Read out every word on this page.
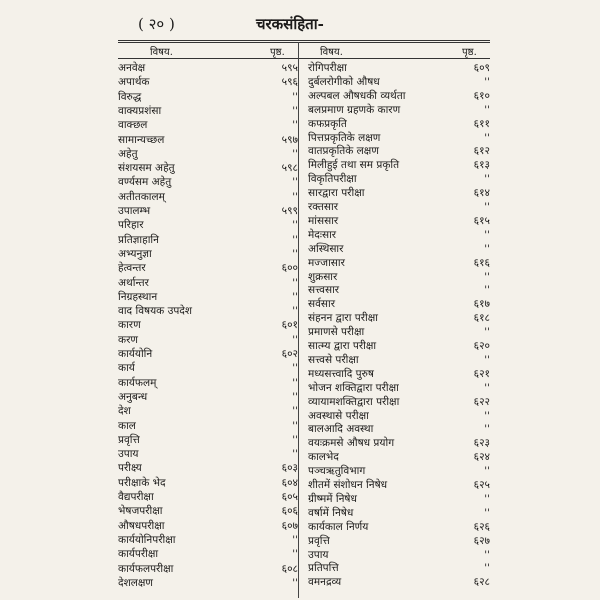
( २० )	चरकसंहिता-
विषय.	पृष्ठ.	विषय.	पृष्ठ.
अनवेक्ष	५९५
अपार्थक	५९६
विरुद्ध	''
वाक्यप्रशंसा	''
वाक्छल	''
सामान्यच्छल	५९७
अहेतु	''
संशयसम अहेतु	५९८
वर्ण्यसम अहेतु	''
अतीतकालम्	''
उपालम्भ	५९९
परिहार	''
प्रतिज्ञाहानि	''
अभ्यनुज्ञा	''
हेत्वन्तर	६००
अर्थान्तर	''
निग्रहस्थान	''
वाद विषयक उपदेश	''
कारण	६०१
करण	''
कार्ययोनि	६०२
कार्य	''
कार्यफलम्	''
अनुबन्ध	''
देश	''
काल	''
प्रवृत्ति	''
उपाय	''
परीक्ष्य	६०३
परीक्षाके भेद	६०४
वैद्यपरीक्षा	६०५
भेषजपरीक्षा	६०६
औषधपरीक्षा	६०७
कार्ययोनिपरीक्षा	''
कार्यपरीक्षा	''
कार्यफलपरीक्षा	६०८
देशलक्षण	''
रोगिपरीक्षा	६०९
दुर्बलरोगीको औषध	''
अल्पबल औषधकी व्यर्थता	६१०
बलप्रमाण ग्रहणके कारण	''
कफप्रकृति	६११
पित्तप्रकृतिके लक्षण	''
वातप्रकृतिके लक्षण	६१२
मिलीहुई तथा सम प्रकृति	६१३
विकृतिपरीक्षा	''
सारद्वारा परीक्षा	६१४
रक्तसार	''
मांससार	६१५
मेदःसार	''
अस्थिसार	''
मज्जासार	६१६
शुक्रसार	''
सत्त्वसार	''
सर्वसार	६१७
संहनन द्वारा परीक्षा	६१८
प्रमाणसे परीक्षा	''
सात्म्य द्वारा परीक्षा	६२०
सत्त्वसे परीक्षा	''
मध्यसत्त्वादि पुरुष	६२१
भोजन शक्तिद्वारा परीक्षा	''
व्यायामशक्तिद्वारा परीक्षा	६२२
अवस्थासे परीक्षा	''
बालआदि अवस्था	''
वयःक्रमसे औषध प्रयोग	६२३
कालभेद	६२४
पञ्चऋतुविभाग	''
शीतमें संशोधन निषेध	६२५
ग्रीष्ममें निषेध	''
वर्षामें निषेध	''
कार्यकाल निर्णय	६२६
प्रवृत्ति	६२७
उपाय	''
प्रतिपत्ति	''
वमनद्रव्य	६२८
